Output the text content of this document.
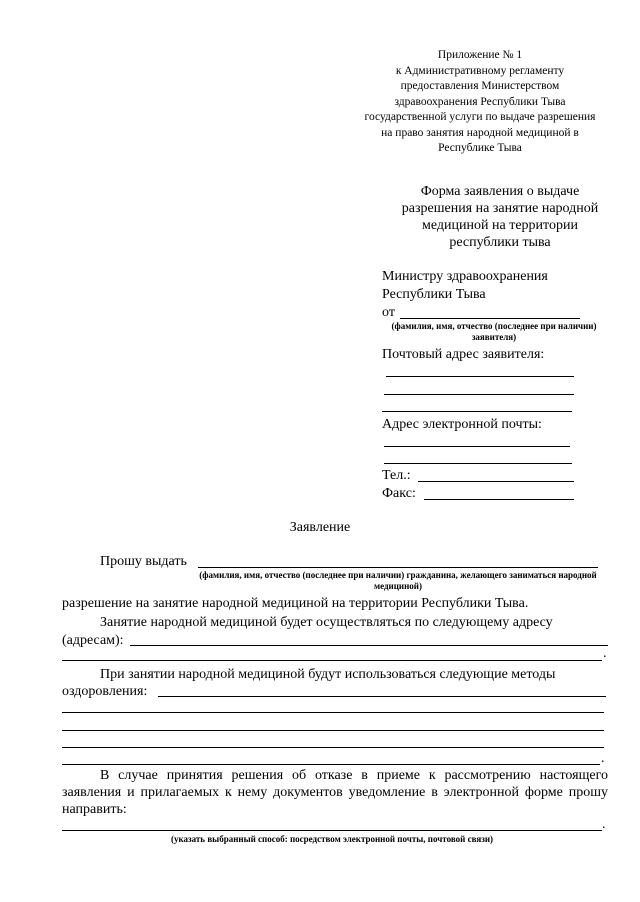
Приложение № 1
к Административному регламенту
предоставления Министерством
здравоохранения Республики Тыва
государственной услуги по выдаче разрешения
на право занятия народной медициной в
Республике Тыва
Форма заявления о выдаче
разрешения на занятие народной
медициной на территории
республики тыва
Министру здравоохранения
Республики Тыва
от
(фамилия, имя, отчество (последнее при наличии) заявителя)
Почтовый адрес заявителя:
Адрес электронной почты:
Тел.:
Факс:
Заявление
Прошу выдать
(фамилия, имя, отчество (последнее при наличии) гражданина, желающего заниматься народной медициной)
разрешение на занятие народной медициной на территории Республики Тыва.
Занятие народной медициной будет осуществляться по следующему адресу
(адресам):
.
При занятии народной медициной будут использоваться следующие методы
оздоровления:
.
В случае принятия решения об отказе в приеме к рассмотрению настоящего заявления и прилагаемых к нему документов уведомление в электронной форме прошу направить:
.
(указать выбранный способ: посредством электронной почты, почтовой связи)
